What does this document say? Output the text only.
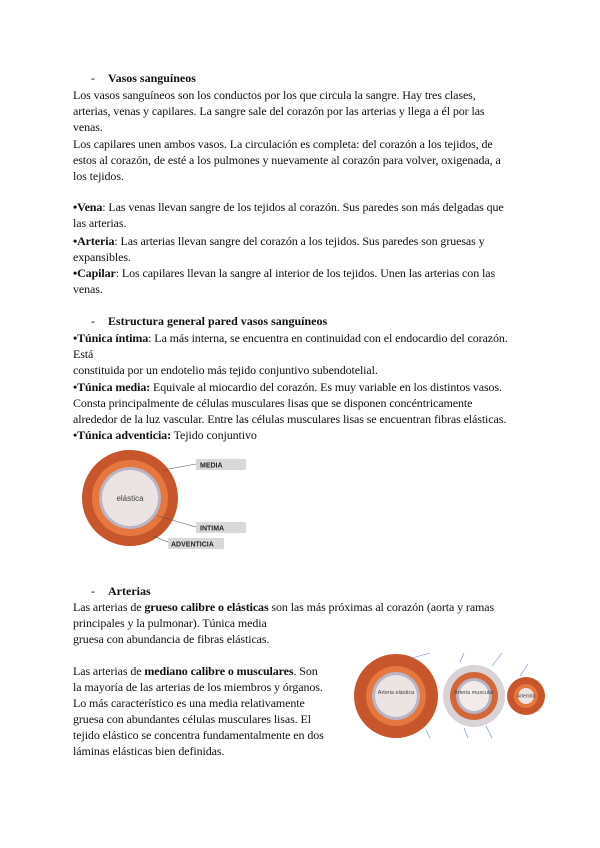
- Vasos sanguíneos
Los vasos sanguíneos son los conductos por los que circula la sangre. Hay tres clases,
arterias, venas y capilares. La sangre sale del corazón por las arterias y llega a él por las
venas.
Los capilares unen ambos vasos. La circulación es completa: del corazón a los tejidos, de
estos al corazón, de esté a los pulmones y nuevamente al corazón para volver, oxigenada, a
los tejidos.
•Vena: Las venas llevan sangre de los tejidos al corazón. Sus paredes son más delgadas que
las arterias.
•Arteria: Las arterias llevan sangre del corazón a los tejidos. Sus paredes son gruesas y
expansibles.
•Capilar: Los capilares llevan la sangre al interior de los tejidos. Unen las arterias con las
venas.
- Estructura general pared vasos sanguíneos
•Túnica íntima: La más interna, se encuentra en continuidad con el endocardio del corazón.
Está
constituida por un endotelio más tejido conjuntivo subendotelial.
•Túnica media: Equivale al miocardio del corazón. Es muy variable en los distintos vasos.
Consta principalmente de células musculares lisas que se disponen concéntricamente
alrededor de la luz vascular. Entre las células musculares lisas se encuentran fibras elásticas.
•Túnica adventicia: Tejido conjuntivo
elástica
MEDIA
INTIMA
ADVENTICIA
- Arterias
Las arterias de grueso calibre o elásticas son las más próximas al corazón (aorta y ramas
principales y la pulmonar). Túnica media
gruesa con abundancia de fibras elásticas.
Las arterias de mediano calibre o musculares. Son
la mayoría de las arterias de los miembros y órganos.
Lo más característico es una media relativamente
gruesa con abundantes células musculares lisas. El
tejido elástico se concentra fundamentalmente en dos
láminas elásticas bien definidas.
Arteria elástica	Arteria muscular
Arteriola
